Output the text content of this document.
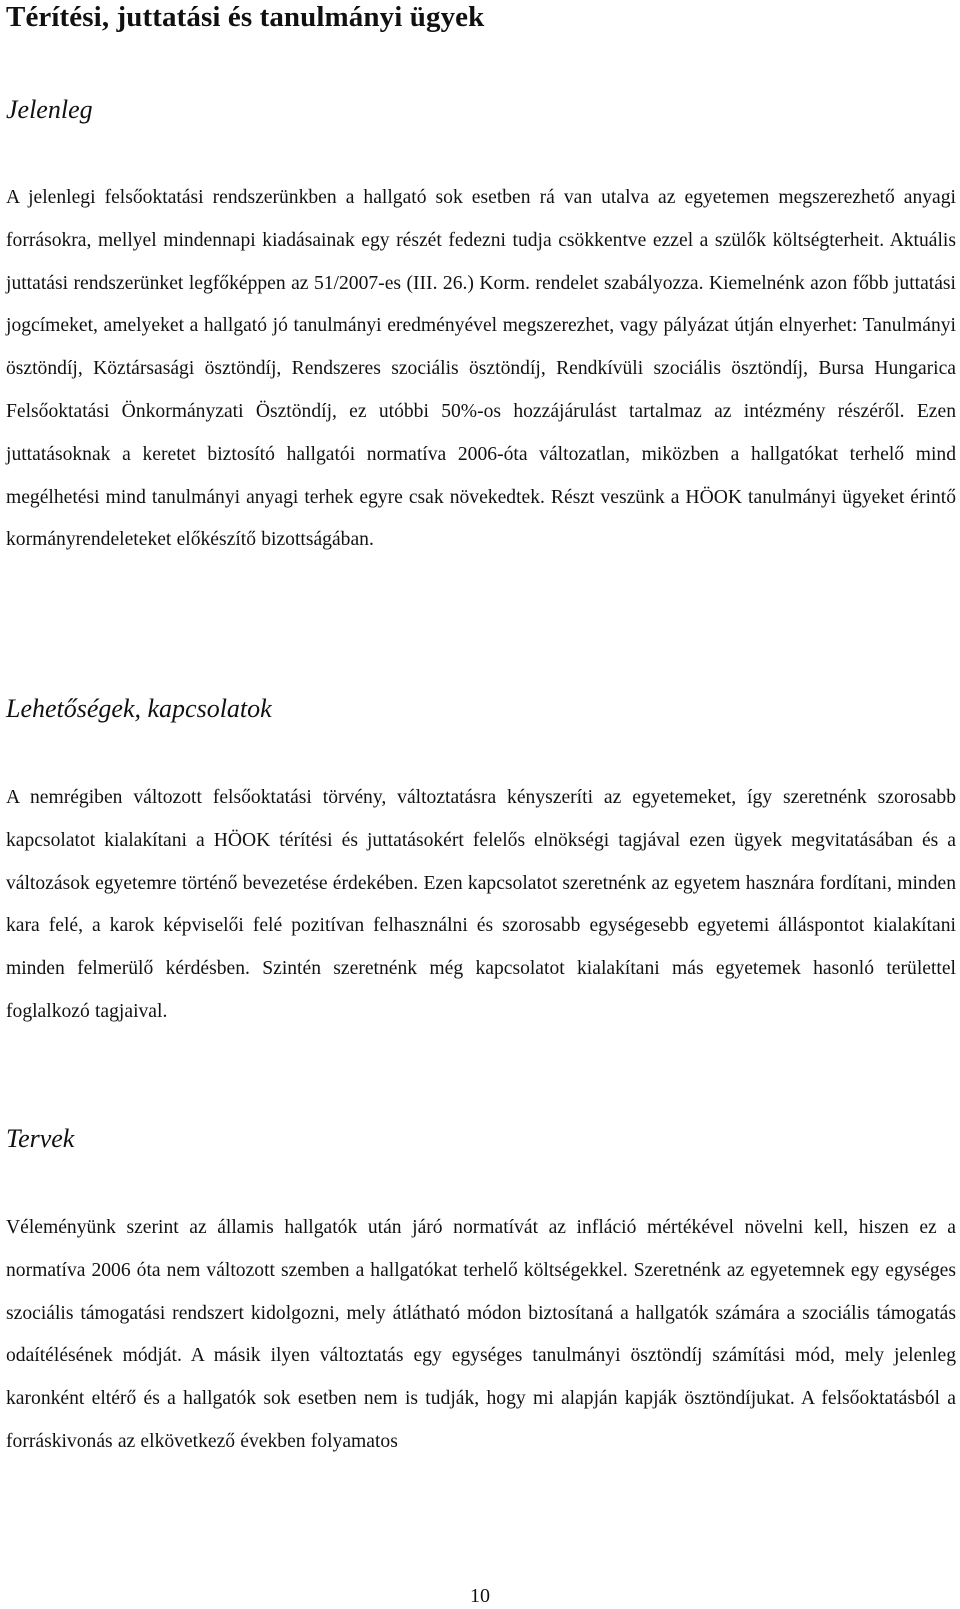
Térítési, juttatási és tanulmányi ügyek
Jelenleg

A jelenlegi felsőoktatási rendszerünkben a hallgató sok esetben rá van utalva az egyetemen megszerezhető anyagi forrásokra, mellyel mindennapi kiadásainak egy részét fedezni tudja csökkentve ezzel a szülők költségterheit. Aktuális juttatási rendszerünket legfőképpen az 51/2007-es (III. 26.) Korm. rendelet szabályozza. Kiemelnénk azon főbb juttatási jogcímeket, amelyeket a hallgató jó tanulmányi eredményével megszerezhet, vagy pályázat útján elnyerhet: Tanulmányi ösztöndíj, Köztársasági ösztöndíj, Rendszeres szociális ösztöndíj, Rendkívüli szociális ösztöndíj, Bursa Hungarica Felsőoktatási Önkormányzati Ösztöndíj, ez utóbbi 50%-os hozzájárulást tartalmaz az intézmény részéről. Ezen juttatásoknak a keretet biztosító hallgatói normatíva 2006-óta változatlan, miközben a hallgatókat terhelő mind megélhetési mind tanulmányi anyagi terhek egyre csak növekedtek. Részt veszünk a HÖOK tanulmányi ügyeket érintő kormányrendeleteket előkészítő bizottságában.

Lehetőségek, kapcsolatok

A nemrégiben változott felsőoktatási törvény, változtatásra kényszeríti az egyetemeket, így szeretnénk szorosabb kapcsolatot kialakítani a HÖOK térítési és juttatásokért felelős elnökségi tagjával ezen ügyek megvitatásában és a változások egyetemre történő bevezetése érdekében. Ezen kapcsolatot szeretnénk az egyetem hasznára fordítani, minden kara felé, a karok képviselői felé pozitívan felhasználni és szorosabb egységesebb egyetemi álláspontot kialakítani minden felmerülő kérdésben. Szintén szeretnénk még kapcsolatot kialakítani más egyetemek hasonló területtel foglalkozó tagjaival.

Tervek

Véleményünk szerint az államis hallgatók után járó normatívát az infláció mértékével növelni kell, hiszen ez a normatíva 2006 óta nem változott szemben a hallgatókat terhelő költségekkel. Szeretnénk az egyetemnek egy egységes szociális támogatási rendszert kidolgozni, mely átlátható módon biztosítaná a hallgatók számára a szociális támogatás odaítélésének módját. A másik ilyen változtatás egy egységes tanulmányi ösztöndíj számítási mód, mely jelenleg karonként eltérő és a hallgatók sok esetben nem is tudják, hogy mi alapján kapják ösztöndíjukat. A felsőoktatásból a forráskivonás az elkövetkező években folyamatos

10
